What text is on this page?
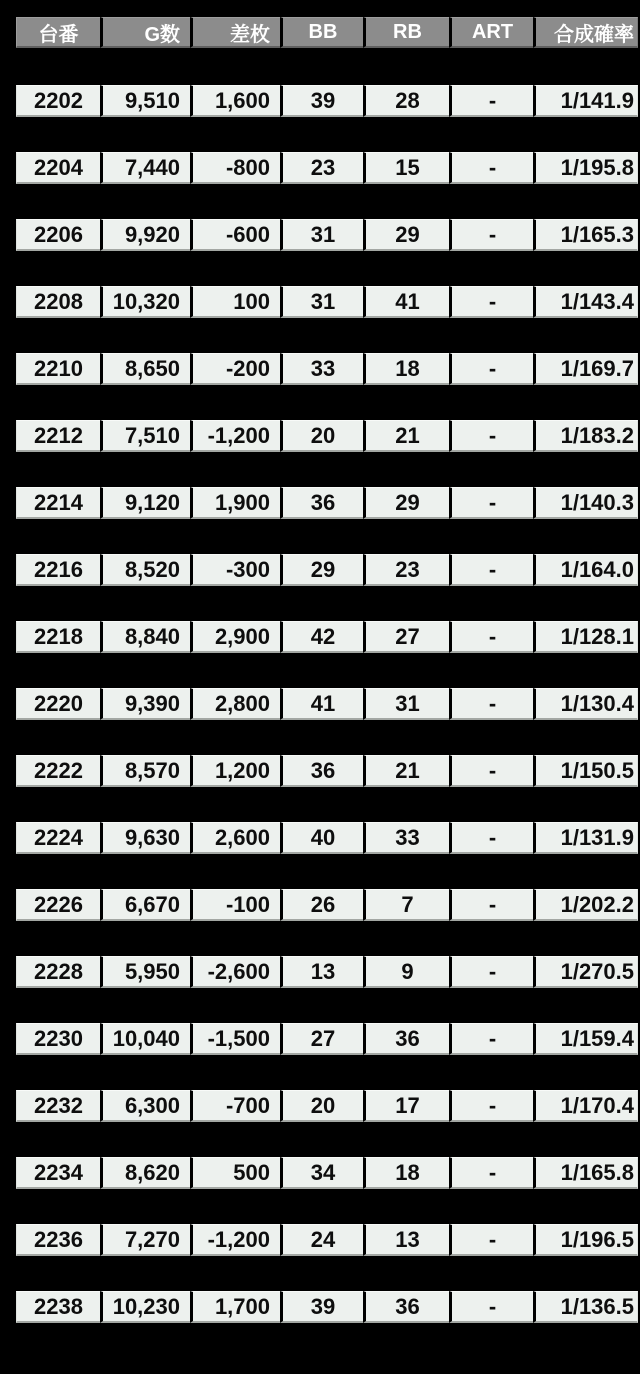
台番	G数	差枚	BB	RB	ART	合成確率
2202	9,510	1,600	39	28	-	1/141.9
2204	7,440	-800	23	15	-	1/195.8
2206	9,920	-600	31	29	-	1/165.3
2208	10,320	100	31	41	-	1/143.4
2210	8,650	-200	33	18	-	1/169.7
2212	7,510	-1,200	20	21	-	1/183.2
2214	9,120	1,900	36	29	-	1/140.3
2216	8,520	-300	29	23	-	1/164.0
2218	8,840	2,900	42	27	-	1/128.1
2220	9,390	2,800	41	31	-	1/130.4
2222	8,570	1,200	36	21	-	1/150.5
2224	9,630	2,600	40	33	-	1/131.9
2226	6,670	-100	26	7	-	1/202.2
2228	5,950	-2,600	13	9	-	1/270.5
2230	10,040	-1,500	27	36	-	1/159.4
2232	6,300	-700	20	17	-	1/170.4
2234	8,620	500	34	18	-	1/165.8
2236	7,270	-1,200	24	13	-	1/196.5
2238	10,230	1,700	39	36	-	1/136.5
